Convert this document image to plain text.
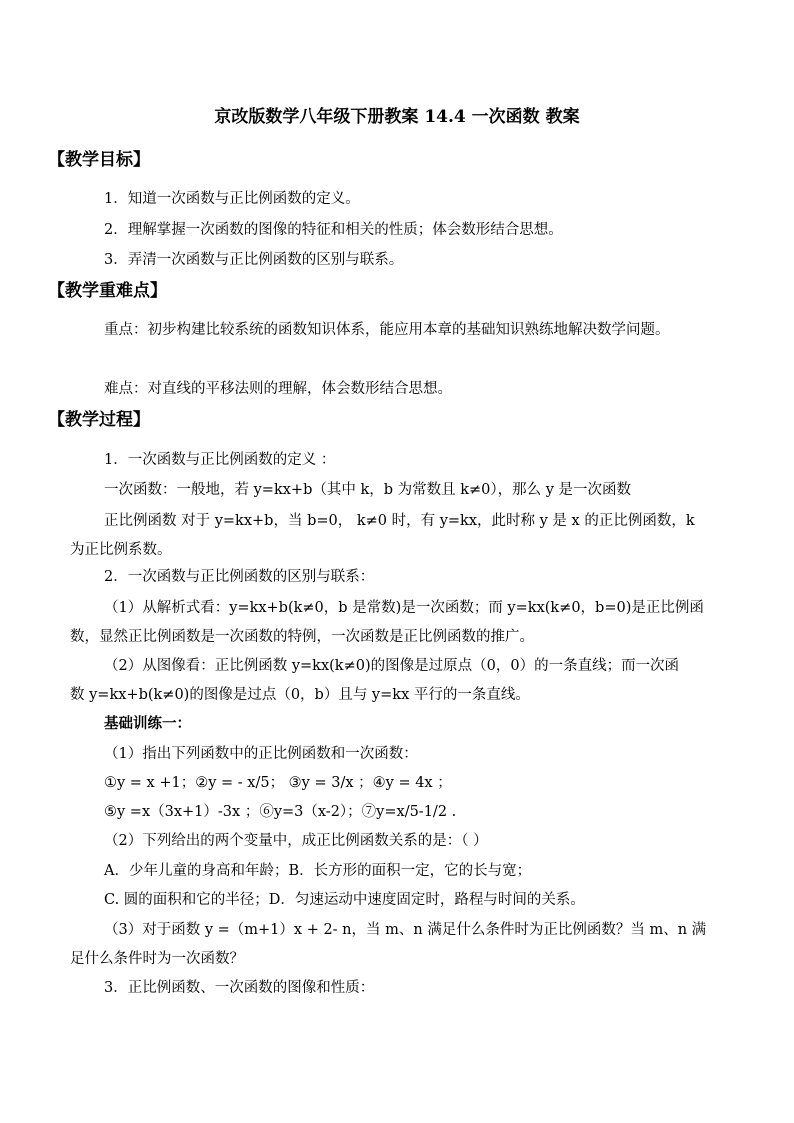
京改版数学八年级下册教案 14.4 一次函数 教案
【教学目标】
1．知道一次函数与正比例函数的定义。
2．理解掌握一次函数的图像的特征和相关的性质；体会数形结合思想。
3．弄清一次函数与正比例函数的区别与联系。
【教学重难点】
重点：初步构建比较系统的函数知识体系，能应用本章的基础知识熟练地解决数学问题。
难点：对直线的平移法则的理解，体会数形结合思想。
【教学过程】
1．一次函数与正比例函数的定义 ：
一次函数：一般地，若 y=kx+b（其中 k，b 为常数且 k≠0），那么 y 是一次函数
正比例函数 对于 y=kx+b，当 b=0， k≠0 时，有 y=kx，此时称 y 是 x 的正比例函数，k
为正比例系数。
2．一次函数与正比例函数的区别与联系：
（1）从解析式看：y=kx+b(k≠0，b 是常数)是一次函数；而 y=kx(k≠0，b=0)是正比例函
数，显然正比例函数是一次函数的特例，一次函数是正比例函数的推广。
（2）从图像看：正比例函数 y=kx(k≠0)的图像是过原点（0，0）的一条直线；而一次函
数 y=kx+b(k≠0)的图像是过点（0，b）且与 y=kx 平行的一条直线。
基础训练一：
（1）指出下列函数中的正比例函数和一次函数：
①y = x +1；②y = - x/5； ③y = 3/x ；④y = 4x ；
⑤y =x（3x+1）-3x ；⑥y=3（x-2）；⑦y=x/5-1/2 .
（2）下列给出的两个变量中，成正比例函数关系的是：（ ）
A．少年儿童的身高和年龄；B．长方形的面积一定，它的长与宽；
C. 圆的面积和它的半径；D．匀速运动中速度固定时，路程与时间的关系。
（3）对于函数 y =（m+1）x + 2- n，当 m、n 满足什么条件时为正比例函数？当 m、n 满
足什么条件时为一次函数？
3．正比例函数、一次函数的图像和性质：
